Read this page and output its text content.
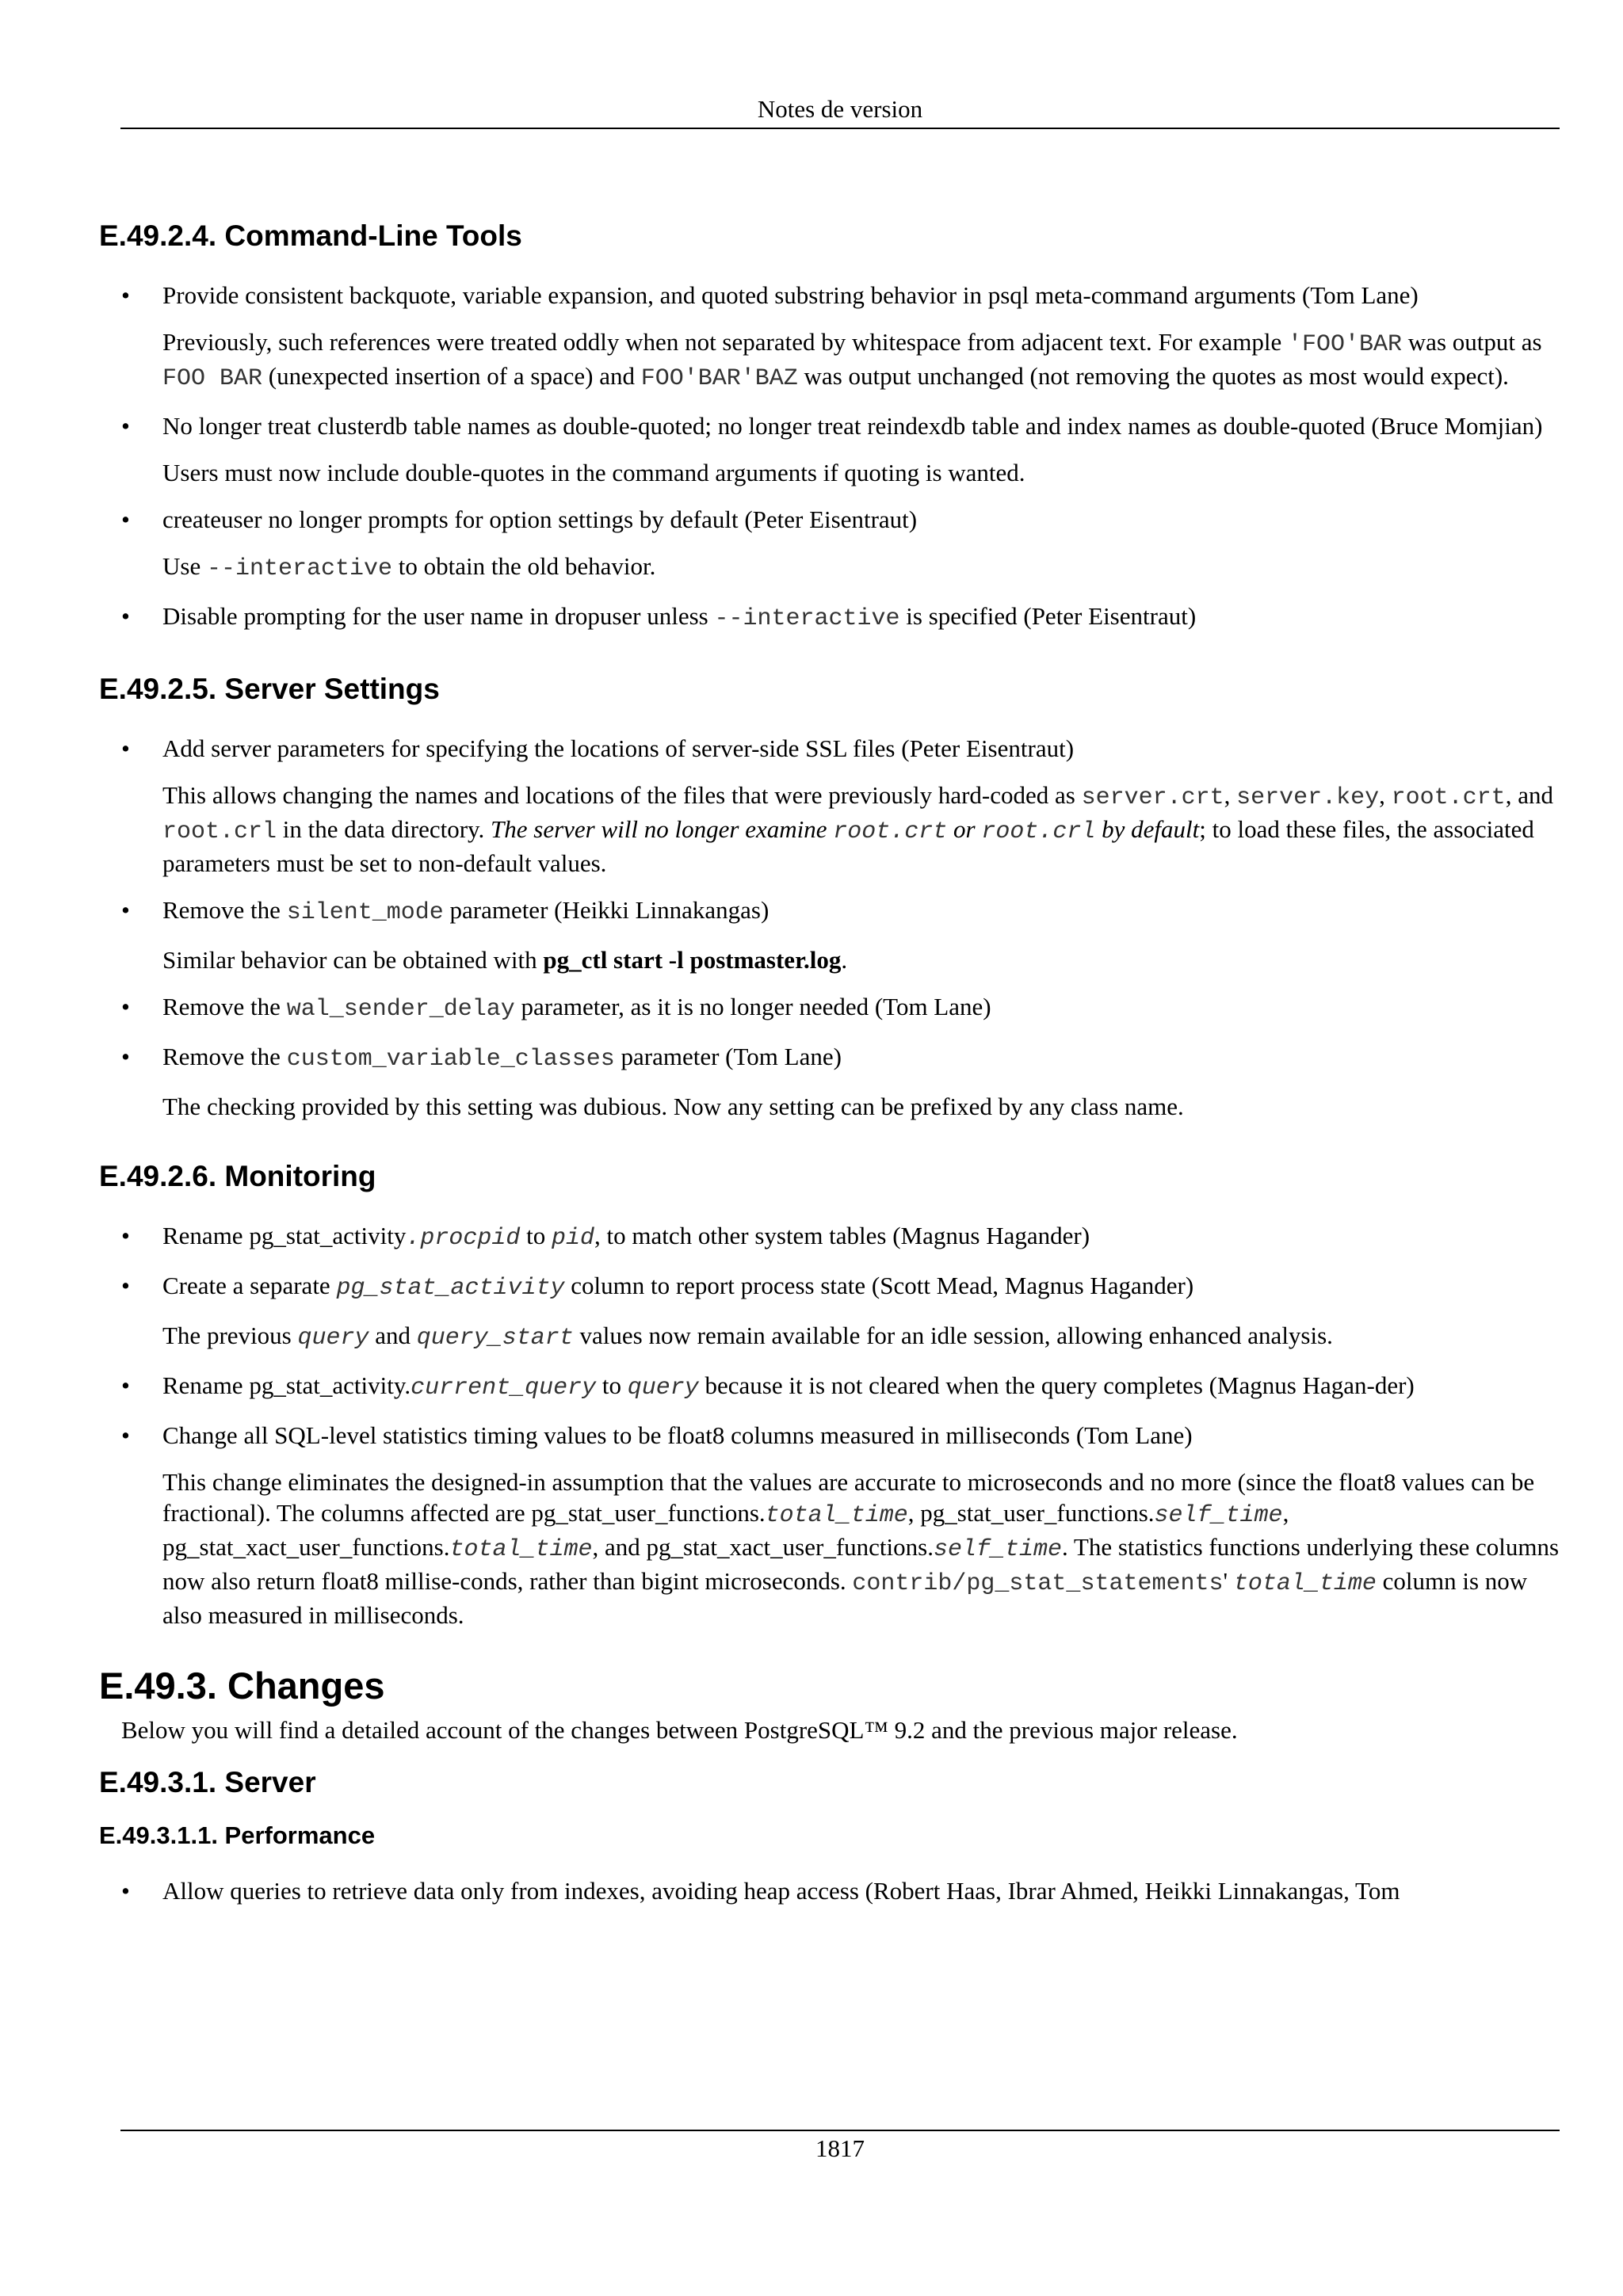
Notes de version
E.49.2.4. Command-Line Tools
• Provide consistent backquote, variable expansion, and quoted substring behavior in psql meta-command arguments (Tom Lane)

Previously, such references were treated oddly when not separated by whitespace from adjacent text. For example 'FOO'BAR was output as FOO BAR (unexpected insertion of a space) and FOO'BAR'BAZ was output unchanged (not removing the quotes as most would expect).

• No longer treat clusterdb table names as double-quoted; no longer treat reindexdb table and index names as double-quoted (Bruce Momjian)

Users must now include double-quotes in the command arguments if quoting is wanted.

• createuser no longer prompts for option settings by default (Peter Eisentraut)

Use --interactive to obtain the old behavior.

• Disable prompting for the user name in dropuser unless --interactive is specified (Peter Eisentraut)

E.49.2.5. Server Settings
• Add server parameters for specifying the locations of server-side SSL files (Peter Eisentraut)

This allows changing the names and locations of the files that were previously hard-coded as server.crt, server.key, root.crt, and root.crl in the data directory. The server will no longer examine root.crt or root.crl by default; to load these files, the associated parameters must be set to non-default values.

• Remove the silent_mode parameter (Heikki Linnakangas)

Similar behavior can be obtained with pg_ctl start -l postmaster.log.

• Remove the wal_sender_delay parameter, as it is no longer needed (Tom Lane)

• Remove the custom_variable_classes parameter (Tom Lane)

The checking provided by this setting was dubious. Now any setting can be prefixed by any class name.

E.49.2.6. Monitoring
• Rename pg_stat_activity.procpid to pid, to match other system tables (Magnus Hagander)

• Create a separate pg_stat_activity column to report process state (Scott Mead, Magnus Hagander)

The previous query and query_start values now remain available for an idle session, allowing enhanced analysis.

• Rename pg_stat_activity.current_query to query because it is not cleared when the query completes (Magnus Hagan-der)

• Change all SQL-level statistics timing values to be float8 columns measured in milliseconds (Tom Lane)

This change eliminates the designed-in assumption that the values are accurate to microseconds and no more (since the float8 values can be fractional). The columns affected are pg_stat_user_functions.total_time, pg_stat_user_functions.self_time, pg_stat_xact_user_functions.total_time, and pg_stat_xact_user_functions.self_time. The statistics functions underlying these columns now also return float8 millise-conds, rather than bigint microseconds. contrib/pg_stat_statements' total_time column is now also measured in milliseconds.

E.49.3. Changes

Below you will find a detailed account of the changes between PostgreSQL™ 9.2 and the previous major release.

E.49.3.1. Server
E.49.3.1.1. Performance
• Allow queries to retrieve data only from indexes, avoiding heap access (Robert Haas, Ibrar Ahmed, Heikki Linnakangas, Tom

1817
